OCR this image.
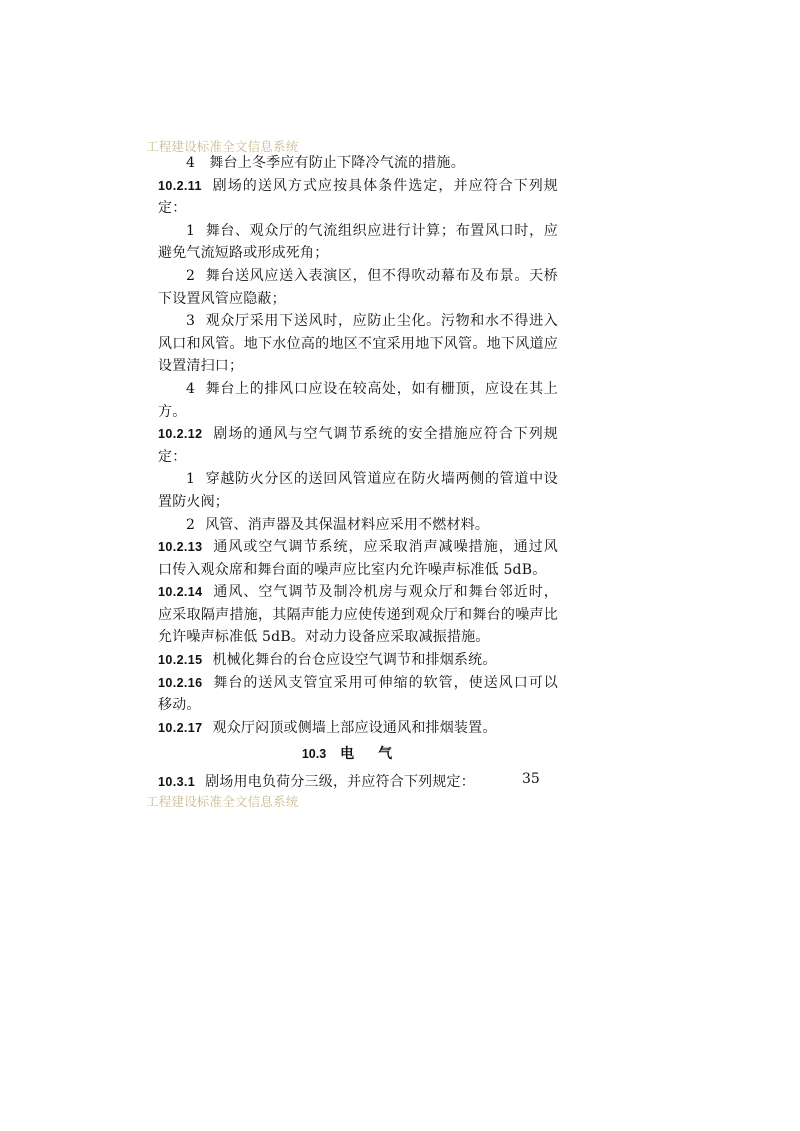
工程建设标准全文信息系统
4　舞台上冬季应有防止下降冷气流的措施。
10.2.11 剧场的送风方式应按具体条件选定，并应符合下列规
定：
1 舞台、观众厅的气流组织应进行计算；布置风口时，应
避免气流短路或形成死角；
2 舞台送风应送入表演区，但不得吹动幕布及布景。天桥
下设置风管应隐蔽；
3 观众厅采用下送风时，应防止尘化。污物和水不得进入
风口和风管。地下水位高的地区不宜采用地下风管。地下风道应
设置清扫口；
4 舞台上的排风口应设在较高处，如有栅顶，应设在其上
方。
10.2.12 剧场的通风与空气调节系统的安全措施应符合下列规
定：
1 穿越防火分区的送回风管道应在防火墙两侧的管道中设
置防火阀；
2 风管、消声器及其保温材料应采用不燃材料。
10.2.13 通风或空气调节系统，应采取消声减噪措施，通过风
口传入观众席和舞台面的噪声应比室内允许噪声标准低 5dB。
10.2.14 通风、空气调节及制冷机房与观众厅和舞台邻近时，
应采取隔声措施，其隔声能力应使传递到观众厅和舞台的噪声比
允许噪声标准低 5dB。对动力设备应采取减振措施。
10.2.15 机械化舞台的台仓应设空气调节和排烟系统。
10.2.16 舞台的送风支管宜采用可伸缩的软管，使送风口可以
移动。
10.2.17 观众厅闷顶或侧墙上部应设通风和排烟装置。
10.3 电气
10.3.1 剧场用电负荷分三级，并应符合下列规定：	35
工程建设标准全文信息系统
